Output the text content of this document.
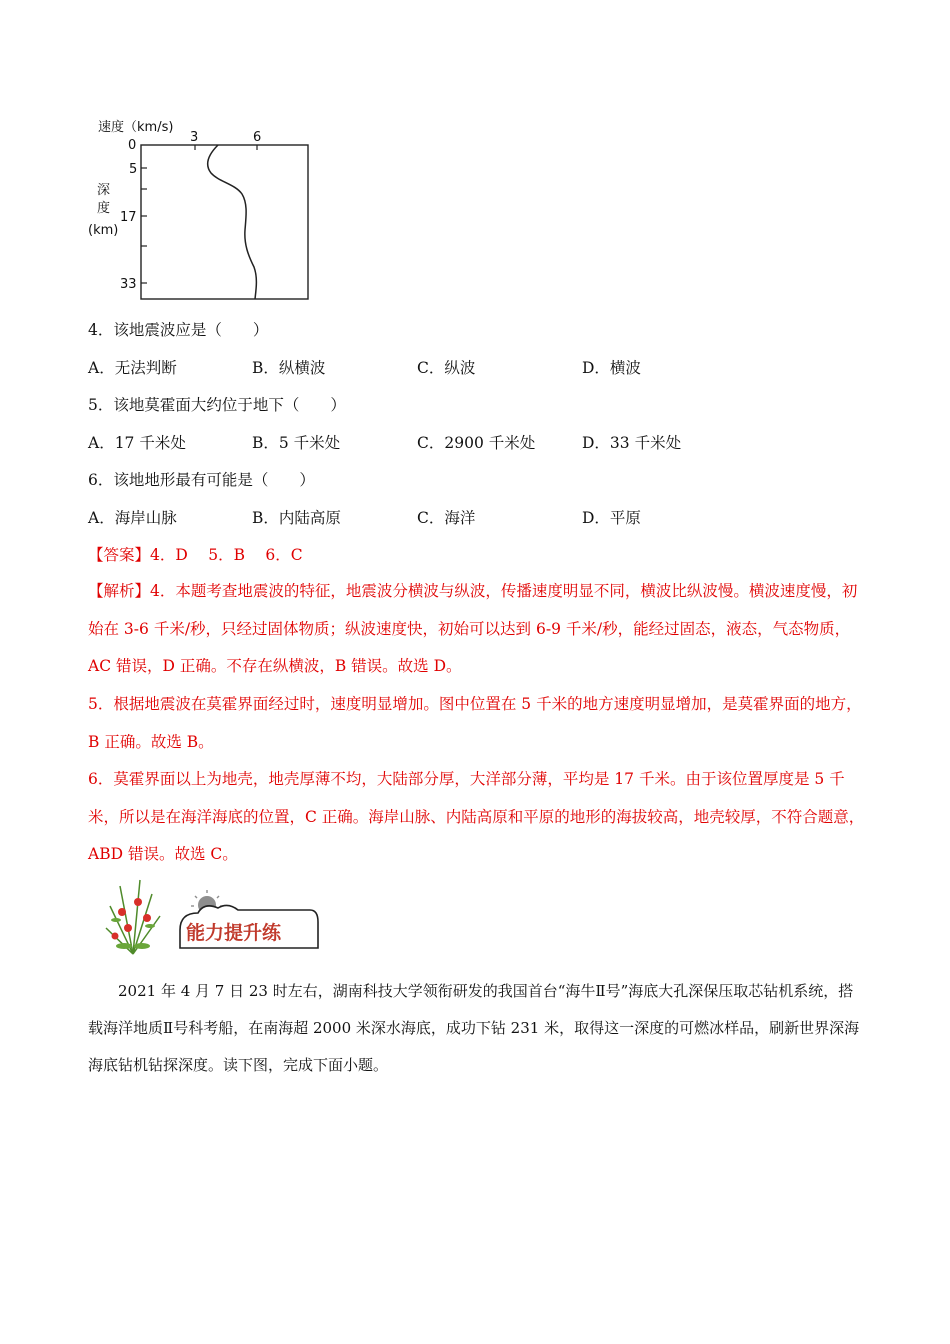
速度（km/s)
0
3	6
5
深
度
17
(km)
33
4．该地震波应是（　　）
A．无法判断	B．纵横波	C．纵波	D．横波
5．该地莫霍面大约位于地下（　　）
A．17 千米处	B．5 千米处	C．2900 千米处	D．33 千米处
6．该地地形最有可能是（　　）
A．海岸山脉	B．内陆高原	C．海洋	D．平原
【答案】4．D　 5．B　 6．C
【解析】4．本题考查地震波的特征，地震波分横波与纵波，传播速度明显不同，横波比纵波慢。横波速度慢，初始在 3-6 千米/秒，只经过固体物质；纵波速度快，初始可以达到 6-9 千米/秒，能经过固态，液态，气态物质，AC 错误，D 正确。不存在纵横波，B 错误。故选 D。
5．根据地震波在莫霍界面经过时，速度明显增加。图中位置在 5 千米的地方速度明显增加，是莫霍界面的地方，B 正确。故选 B。
6．莫霍界面以上为地壳，地壳厚薄不均，大陆部分厚，大洋部分薄，平均是 17 千米。由于该位置厚度是 5 千米，所以是在海洋海底的位置，C 正确。海岸山脉、内陆高原和平原的地形的海拔较高，地壳较厚，不符合题意，ABD 错误。故选 C。
能力提升练
2021 年 4 月 7 日 23 时左右，湖南科技大学领衔研发的我国首台“海牛Ⅱ号”海底大孔深保压取芯钻机系统，搭载海洋地质Ⅱ号科考船，在南海超 2000 米深水海底，成功下钻 231 米，取得这一深度的可燃冰样品，刷新世界深海海底钻机钻探深度。读下图，完成下面小题。
